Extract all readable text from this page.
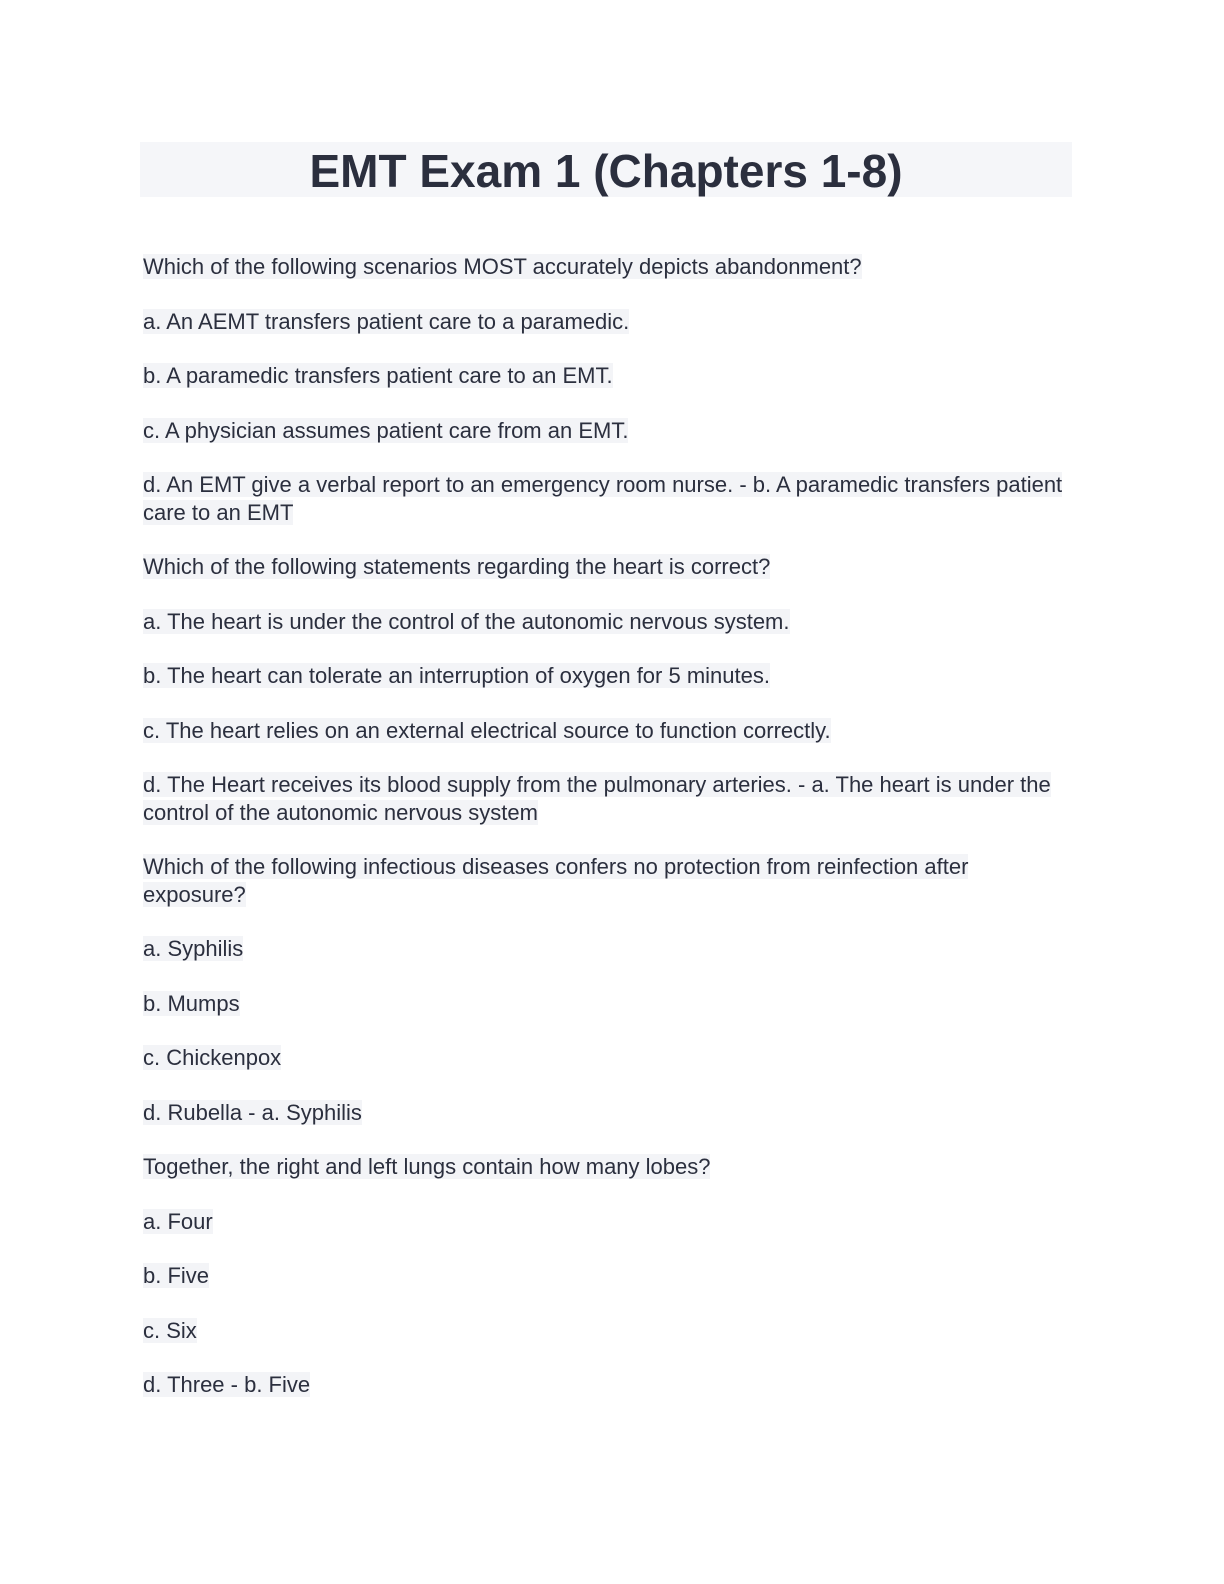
EMT Exam 1 (Chapters 1-8)

Which of the following scenarios MOST accurately depicts abandonment?

a. An AEMT transfers patient care to a paramedic.

b. A paramedic transfers patient care to an EMT.

c. A physician assumes patient care from an EMT.

d. An EMT give a verbal report to an emergency room nurse. - b. A paramedic transfers patient care to an EMT

Which of the following statements regarding the heart is correct?

a. The heart is under the control of the autonomic nervous system.

b. The heart can tolerate an interruption of oxygen for 5 minutes.

c. The heart relies on an external electrical source to function correctly.

d. The Heart receives its blood supply from the pulmonary arteries. - a. The heart is under the control of the autonomic nervous system

Which of the following infectious diseases confers no protection from reinfection after exposure?

a. Syphilis

b. Mumps

c. Chickenpox

d. Rubella - a. Syphilis

Together, the right and left lungs contain how many lobes?

a. Four

b. Five

c. Six

d. Three - b. Five
